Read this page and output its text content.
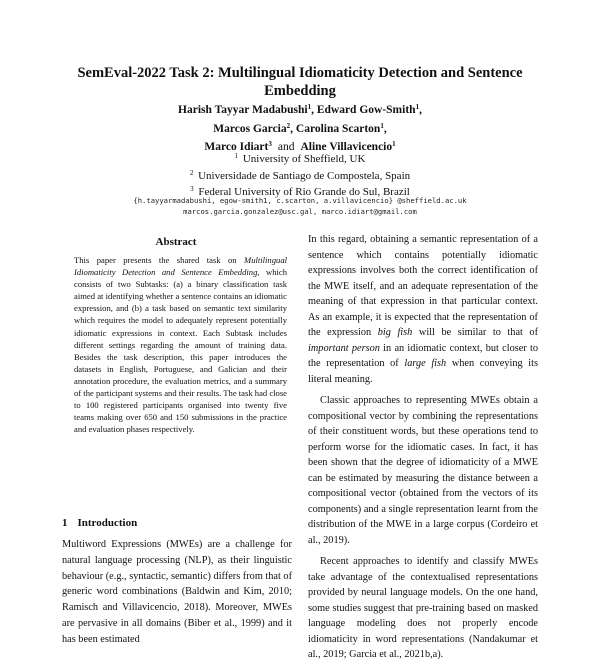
SemEval-2022 Task 2: Multilingual Idiomaticity Detection and Sentence
Embedding
Harish Tayyar Madabushi$^1$, Edward Gow-Smith$^1$,
Marcos Garcia$^2$, Carolina Scarton$^1$,
Marco Idiart$^3$ and Aline Villavicencio$^1$
$^1$ University of Sheffield, UK
$^2$ Universidade de Santiago de Compostela, Spain
$^3$ Federal University of Rio Grande do Sul, Brazil
{h.tayyarmadabushi, egow-smith1, c.scarton, a.villavicencio} @sheffield.ac.uk
marcos.garcia.gonzalez@usc.gal, marco.idiart@gmail.com
Abstract
This paper presents the shared task on Multilingual Idiomaticity Detection and Sentence Embedding, which consists of two Subtasks: (a) a binary classification task aimed at identifying whether a sentence contains an idiomatic expression, and (b) a task based on semantic text similarity which requires the model to adequately represent potentially idiomatic expressions in context. Each Subtask includes different settings regarding the amount of training data. Besides the task description, this paper introduces the datasets in English, Portuguese, and Galician and their annotation procedure, the evaluation metrics, and a summary of the participant systems and their results. The task had close to 100 registered participants organised into twenty five teams making over 650 and 150 submissions in the practice and evaluation phases respectively.
1 Introduction
Multiword Expressions (MWEs) are a challenge for natural language processing (NLP), as their linguistic behaviour (e.g., syntactic, semantic) differs from that of generic word combinations (Baldwin and Kim, 2010; Ramisch and Villavicencio, 2018). Moreover, MWEs are pervasive in all domains (Biber et al., 1999) and it has been estimated

In this regard, obtaining a semantic representation of a sentence which contains potentially idiomatic expressions involves both the correct identification of the MWE itself, and an adequate representation of the meaning of that expression in that particular context. As an example, it is expected that the representation of the expression big fish will be similar to that of important person in an idiomatic context, but closer to the representation of large fish when conveying its literal meaning.

Classic approaches to representing MWEs obtain a compositional vector by combining the representations of their constituent words, but these operations tend to perform worse for the idiomatic cases. In fact, it has been shown that the degree of idiomaticity of a MWE can be estimated by measuring the distance between a compositional vector (obtained from the vectors of its components) and a single representation learnt from the distribution of the MWE in a large corpus (Cordeiro et al., 2019).

Recent approaches to identify and classify MWEs take advantage of the contextualised representations provided by neural language models. On the one hand, some studies suggest that pre-training based on masked language modeling does not properly encode idiomaticity in word representations (Nandakumar et al., 2019; Garcia et al., 2021b,a).
